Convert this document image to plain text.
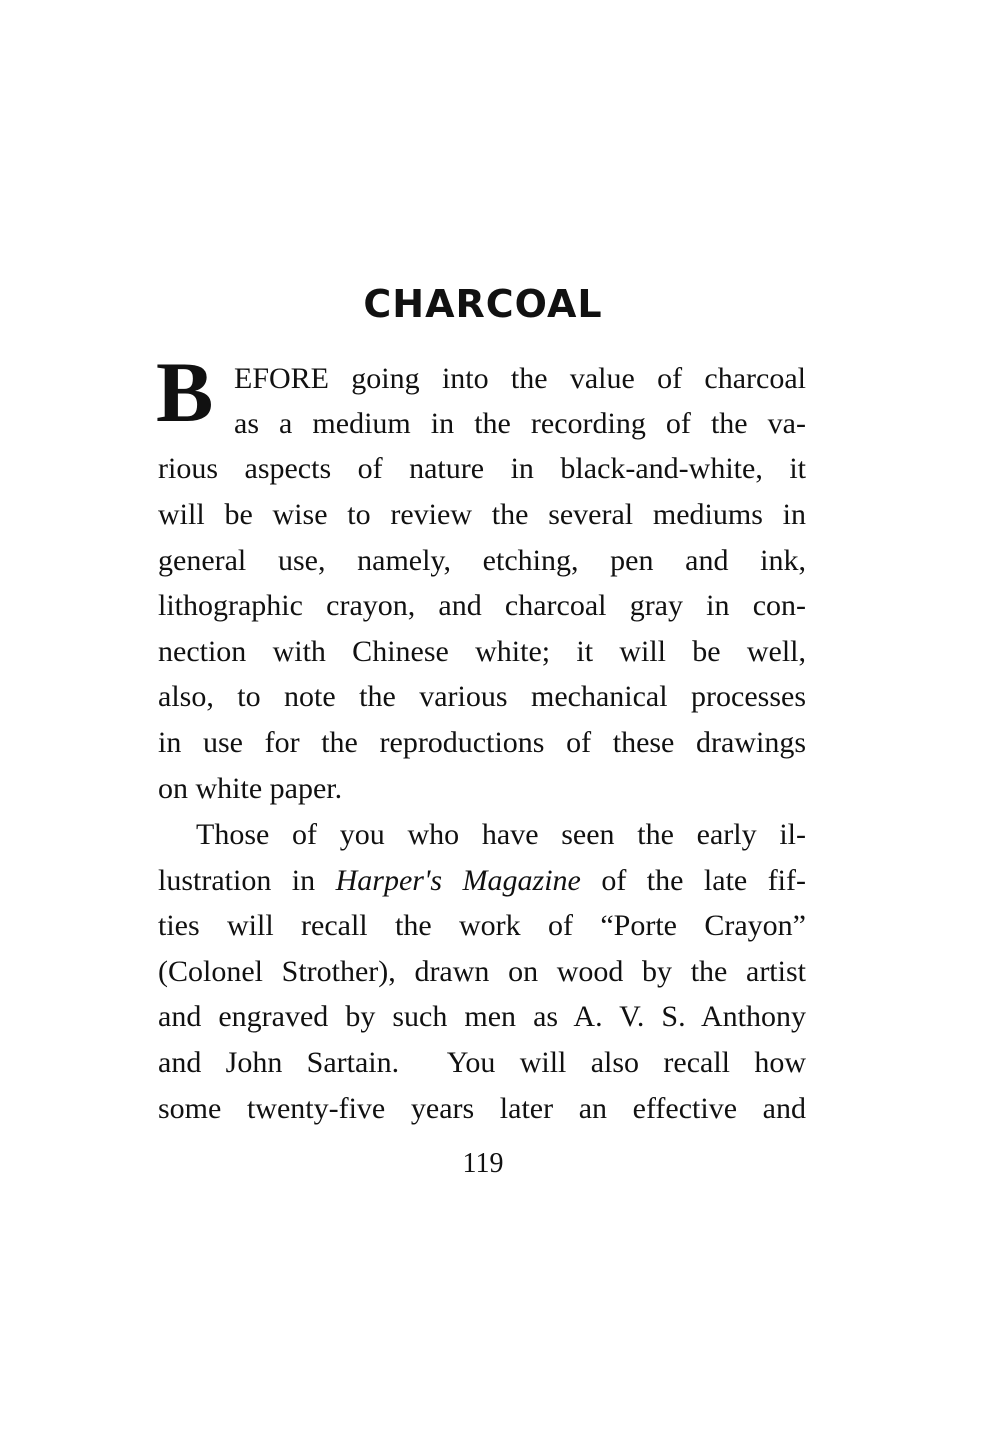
CHARCOAL
B EFORE going into the value of charcoal
as a medium in the recording of the va-
rious aspects of nature in black-and-white, it
will be wise to review the several mediums in
general use, namely, etching, pen and ink,
lithographic crayon, and charcoal gray in con-
nection with Chinese white; it will be well,
also, to note the various mechanical processes
in use for the reproductions of these drawings
on white paper.
Those of you who have seen the early il-
lustration in Harper's Magazine of the late fif-
ties will recall the work of “Porte Crayon”
(Colonel Strother), drawn on wood by the artist
and engraved by such men as A. V. S. Anthony
and John Sartain.  You will also recall how
some twenty-five years later an effective and
119
